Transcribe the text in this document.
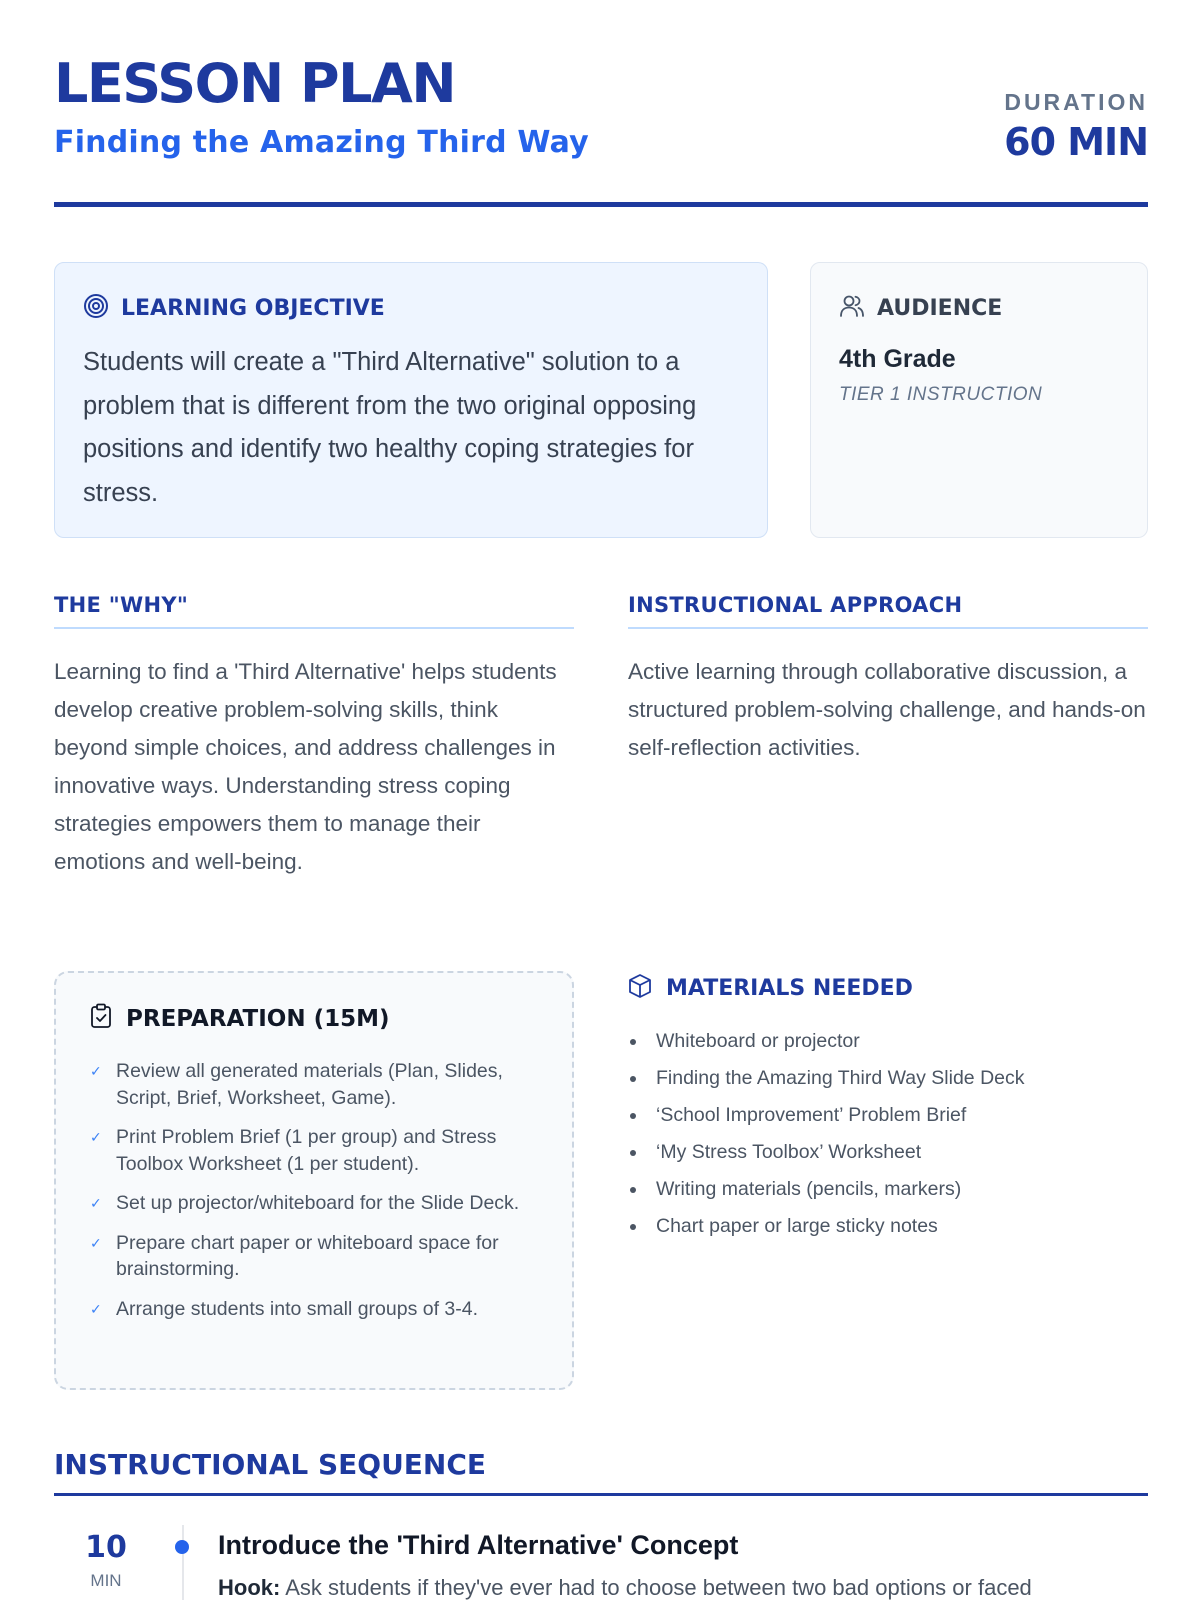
LESSON PLAN
Finding the Amazing Third Way
DURATION
60 MIN
LEARNING OBJECTIVE
Students will create a "Third Alternative" solution to a problem that is different from the two original opposing positions and identify two healthy coping strategies for stress.
AUDIENCE
4th Grade
TIER 1 INSTRUCTION
THE "WHY"
Learning to find a 'Third Alternative' helps students develop creative problem-solving skills, think beyond simple choices, and address challenges in innovative ways. Understanding stress coping strategies empowers them to manage their emotions and well-being.
INSTRUCTIONAL APPROACH
Active learning through collaborative discussion, a structured problem-solving challenge, and hands-on self-reflection activities.
PREPARATION (15M)
✓ Review all generated materials (Plan, Slides, Script, Brief, Worksheet, Game).
✓ Print Problem Brief (1 per group) and Stress Toolbox Worksheet (1 per student).
✓ Set up projector/whiteboard for the Slide Deck.
✓ Prepare chart paper or whiteboard space for brainstorming.
✓ Arrange students into small groups of 3-4.
MATERIALS NEEDED
Whiteboard or projector
Finding the Amazing Third Way Slide Deck
‘School Improvement’ Problem Brief
‘My Stress Toolbox’ Worksheet
Writing materials (pencils, markers)
Chart paper or large sticky notes
INSTRUCTIONAL SEQUENCE
10
MIN
Introduce the 'Third Alternative' Concept
Hook: Ask students if they've ever had to choose between two bad options or faced
